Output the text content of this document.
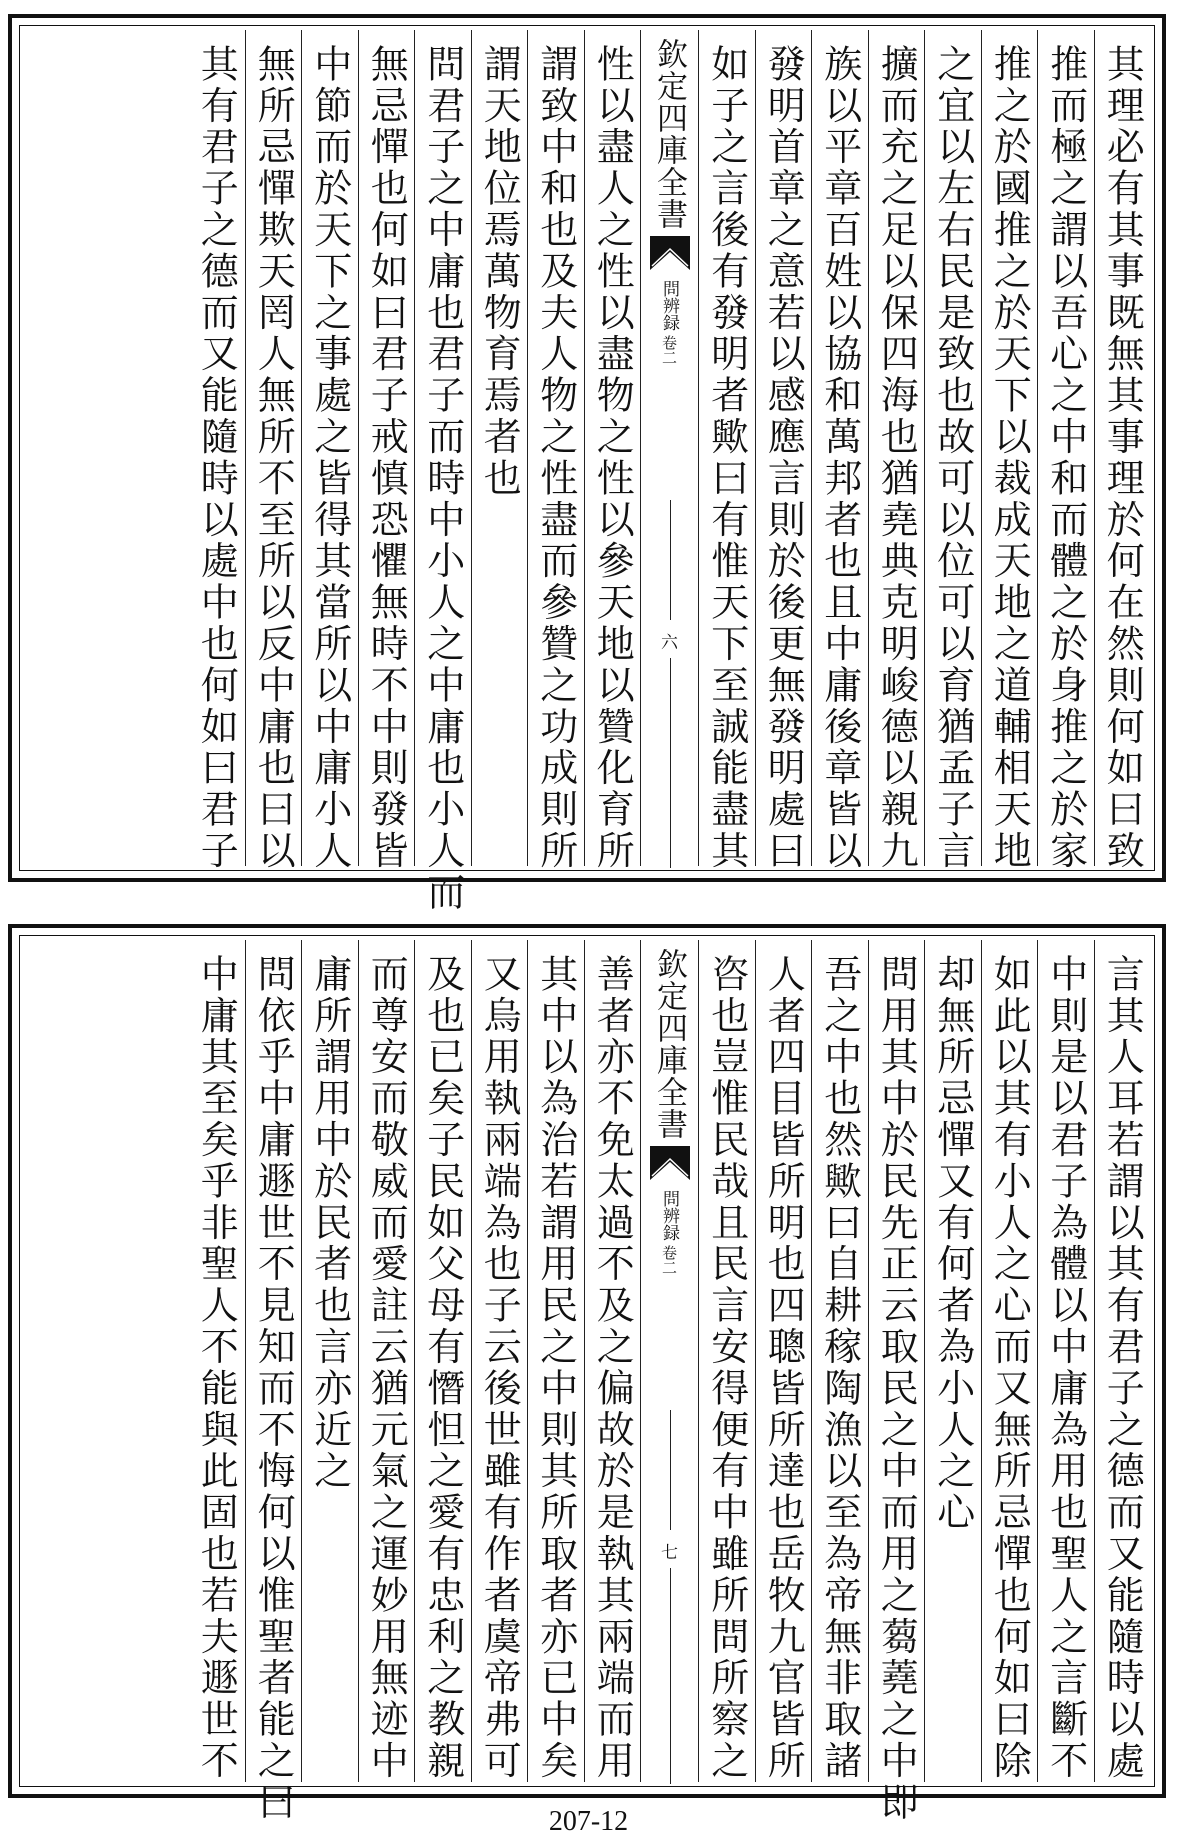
其理必有其事既無其事理於何在然則何如曰致
推而極之謂以吾心之中和而體之於身推之於家
推之於國推之於天下以裁成天地之道輔相天地
之宜以左右民是致也故可以位可以育猶孟子言
擴而充之足以保四海也猶堯典克明峻德以親九
族以平章百姓以協和萬邦者也且中庸後章皆以
發明首章之意若以感應言則於後更無發明處曰
如子之言後有發明者歟曰有惟天下至誠能盡其
欽定四庫全書
問辨録
卷二
六
性以盡人之性以盡物之性以參天地以贊化育所
謂致中和也及夫人物之性盡而參贊之功成則所
謂天地位焉萬物育焉者也
問君子之中庸也君子而時中小人之中庸也小人而
無忌憚也何如曰君子戒慎恐懼無時不中則發皆
中節而於天下之事處之皆得其當所以中庸小人
無所忌憚欺天罔人無所不至所以反中庸也曰以
其有君子之德而又能隨時以處中也何如曰君子
言其人耳若謂以其有君子之德而又能隨時以處
中則是以君子為體以中庸為用也聖人之言斷不
如此以其有小人之心而又無所忌憚也何如曰除
却無所忌憚又有何者為小人之心
問用其中於民先正云取民之中而用之蒭蕘之中即
吾之中也然歟曰自耕稼陶漁以至為帝無非取諸
人者四目皆所明也四聰皆所達也岳牧九官皆所
咨也豈惟民哉且民言安得便有中雖所問所察之
欽定四庫全書
問辨録
卷二
七
善者亦不免太過不及之偏故於是執其兩端而用
其中以為治若謂用民之中則其所取者亦已中矣
又烏用執兩端為也子云後世雖有作者虞帝弗可
及也已矣子民如父母有憯怛之愛有忠利之教親
而尊安而敬威而愛註云猶元氣之運妙用無迹中
庸所謂用中於民者也言亦近之
問依乎中庸遯世不見知而不悔何以惟聖者能之曰
中庸其至矣乎非聖人不能與此固也若夫遯世不
207-12
